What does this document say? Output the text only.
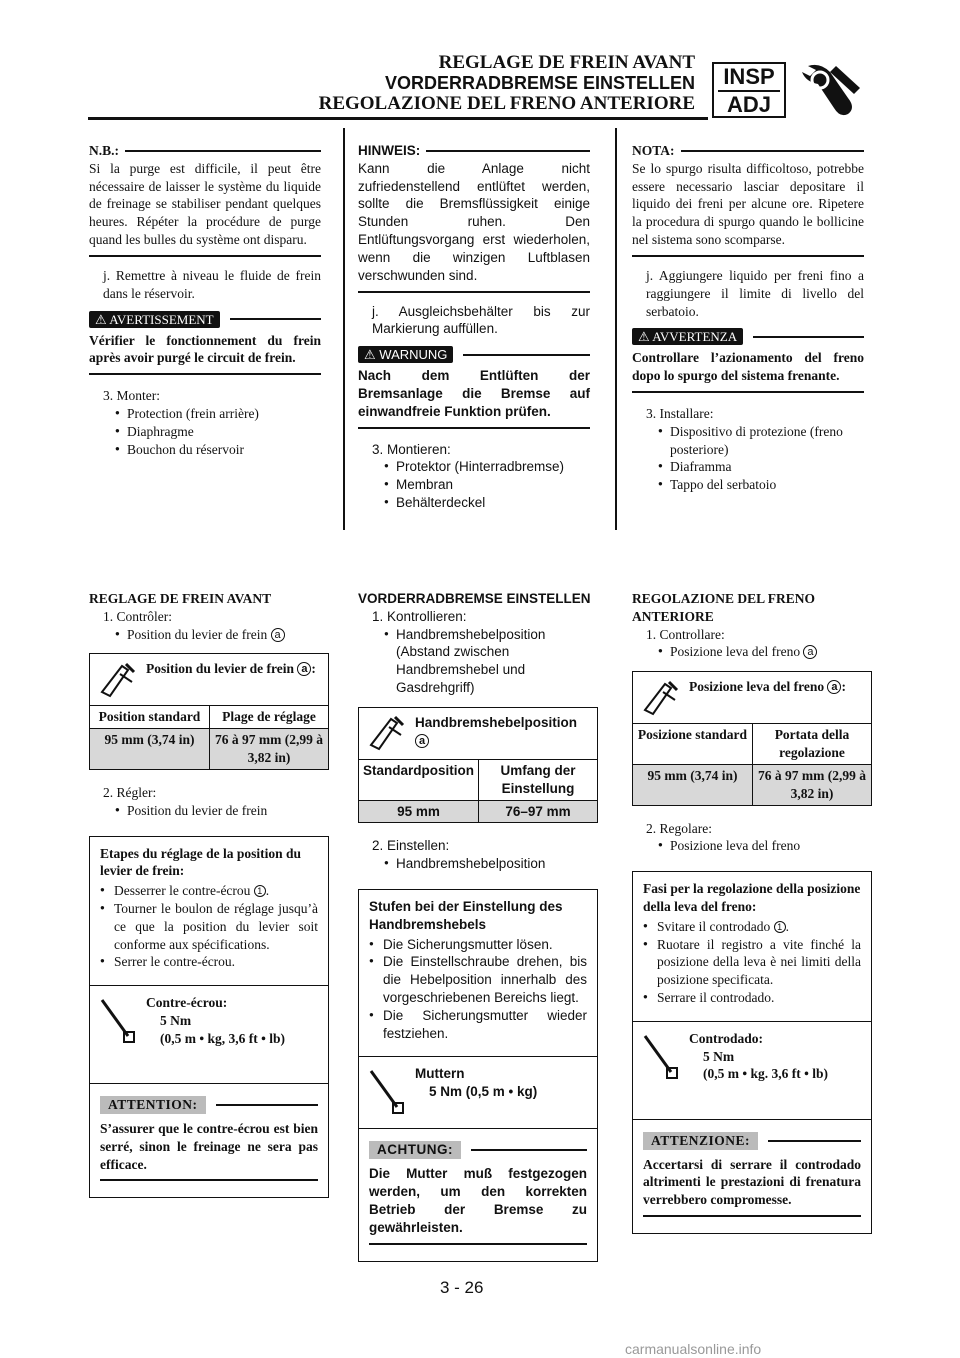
REGLAGE DE FREIN AVANT
VORDERRADBREMSE EINSTELLEN
REGOLAZIONE DEL FRENO ANTERIORE
INSP
ADJ
N.B.:
Si la purge est difficile, il peut être nécessaire de laisser le système du liquide de freinage se stabiliser pendant quelques heures. Répéter la procédure de purge quand les bulles du système ont disparu.
j. Remettre à niveau le fluide de frein dans le réservoir.
⚠ AVERTISSEMENT
Vérifier le fonctionnement du frein après avoir purgé le circuit de frein.
3. Monter:
● Protection (frein arrière)
● Diaphragme
● Bouchon du réservoir
HINWEIS:
Kann die Anlage nicht zufriedenstellend entlüftet werden, sollte die Bremsflüssigkeit einige Stunden ruhen. Den Entlüftungsvorgang erst wiederholen, wenn die winzigen Luftblasen verschwunden sind.
j. Ausgleichsbehälter bis zur Markierung auffüllen.
⚠ WARNUNG
Nach dem Entlüften der Bremsanlage die Bremse auf einwandfreie Funktion prüfen.
3. Montieren:
● Protektor (Hinterradbremse)
● Membran
● Behälterdeckel
NOTA:
Se lo spurgo risulta difficoltoso, potrebbe essere necessario lasciar depositare il liquido dei freni per alcune ore. Ripetere la procedura di spurgo quando le bollicine nel sistema sono scomparse.
j. Aggiungere liquido per freni fino a raggiungere il limite di livello del serbatoio.
⚠ AVVERTENZA
Controllare l’azionamento del freno dopo lo spurgo del sistema frenante.
3. Installare:
● Dispositivo di protezione (freno posteriore)
● Diaframma
● Tappo del serbatoio
REGLAGE DE FREIN AVANT
1. Contrôler:
● Position du levier de frein a
Position du levier de frein a :
Position standard	Plage de réglage
95 mm (3,74 in)	76 à 97 mm (2,99 à 3,82 in)
2. Régler:
● Position du levier de frein
Etapes du réglage de la position du levier de frein:
● Desserrer le contre-écrou 1 .
● Tourner le boulon de réglage jusqu’à ce que la position du levier soit conforme aux spécifications.
● Serrer le contre-écrou.
Contre-écrou:
5 Nm
(0,5 m • kg, 3,6 ft • lb)
ATTENTION:
S’assurer que le contre-écrou est bien serré, sinon le freinage ne sera pas efficace.
VORDERRADBREMSE EINSTELLEN
1. Kontrollieren:
● Handbremshebelposition (Abstand zwischen Handbremshebel und Gasdrehgriff)
Handbremshebelposition a
Standardposition	Umfang der Einstellung
95 mm	76–97 mm
2. Einstellen:
● Handbremshebelposition
Stufen bei der Einstellung des Handbremshebels
● Die Sicherungsmutter lösen.
● Die Einstellschraube drehen, bis die Hebelposition innerhalb des vorgeschriebenen Bereichs liegt.
● Die Sicherungsmutter wieder festziehen.
Muttern
5 Nm (0,5 m • kg)
ACHTUNG:
Die Mutter muß festgezogen werden, um den korrekten Betrieb der Bremse zu gewährleisten.
REGOLAZIONE DEL FRENO ANTERIORE
1. Controllare:
● Posizione leva del freno a
Posizione leva del freno a :
Posizione standard	Portata della regolazione
95 mm (3,74 in)	76 à 97 mm (2,99 à 3,82 in)
2. Regolare:
● Posizione leva del freno
Fasi per la regolazione della posizione della leva del freno:
● Svitare il controdado 1 .
● Ruotare il registro a vite finché la posizione della leva è nei limiti della posizione specificata.
● Serrare il controdado.
Controdado:
5 Nm
(0,5 m • kg. 3,6 ft • lb)
ATTENZIONE:
Accertarsi di serrare il controdado altrimenti le prestazioni di frenatura verrebbero compromesse.
3 - 26
carmanualsonline.info
